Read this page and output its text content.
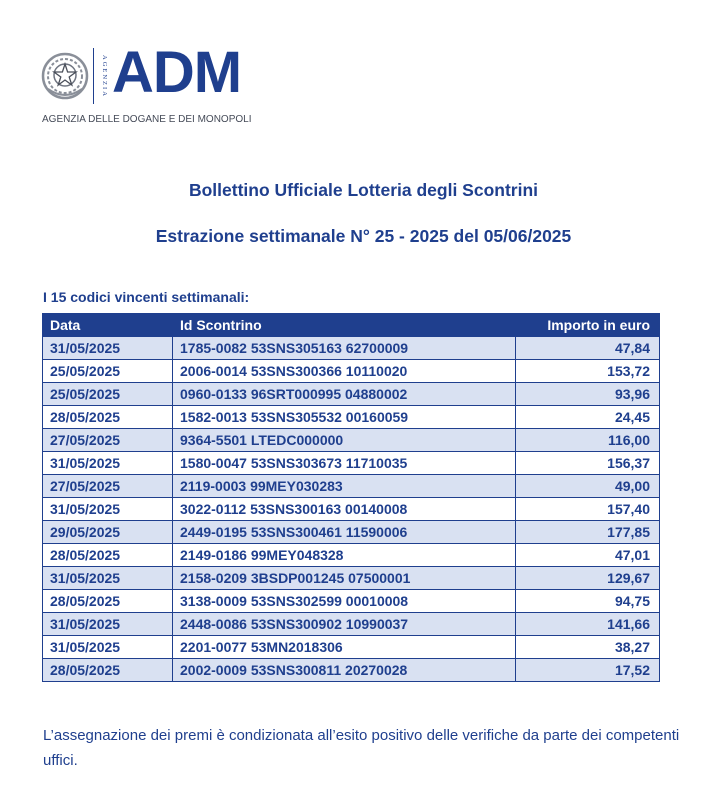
AGENZIA ADM
AGENZIA DELLE DOGANE E DEI MONOPOLI
Bollettino Ufficiale Lotteria degli Scontrini
Estrazione settimanale N° 25 - 2025 del 05/06/2025
I 15 codici vincenti settimanali:
Data	Id Scontrino	Importo in euro
31/05/2025	1785-0082 53SNS305163 62700009	47,84
25/05/2025	2006-0014 53SNS300366 10110020	153,72
25/05/2025	0960-0133 96SRT000995 04880002	93,96
28/05/2025	1582-0013 53SNS305532 00160059	24,45
27/05/2025	9364-5501 LTEDC000000	116,00
31/05/2025	1580-0047 53SNS303673 11710035	156,37
27/05/2025	2119-0003 99MEY030283	49,00
31/05/2025	3022-0112 53SNS300163 00140008	157,40
29/05/2025	2449-0195 53SNS300461 11590006	177,85
28/05/2025	2149-0186 99MEY048328	47,01
31/05/2025	2158-0209 3BSDP001245 07500001	129,67
28/05/2025	3138-0009 53SNS302599 00010008	94,75
31/05/2025	2448-0086 53SNS300902 10990037	141,66
31/05/2025	2201-0077 53MN2018306	38,27
28/05/2025	2002-0009 53SNS300811 20270028	17,52
L’assegnazione dei premi è condizionata all’esito positivo delle verifiche da parte dei competenti uffici.
